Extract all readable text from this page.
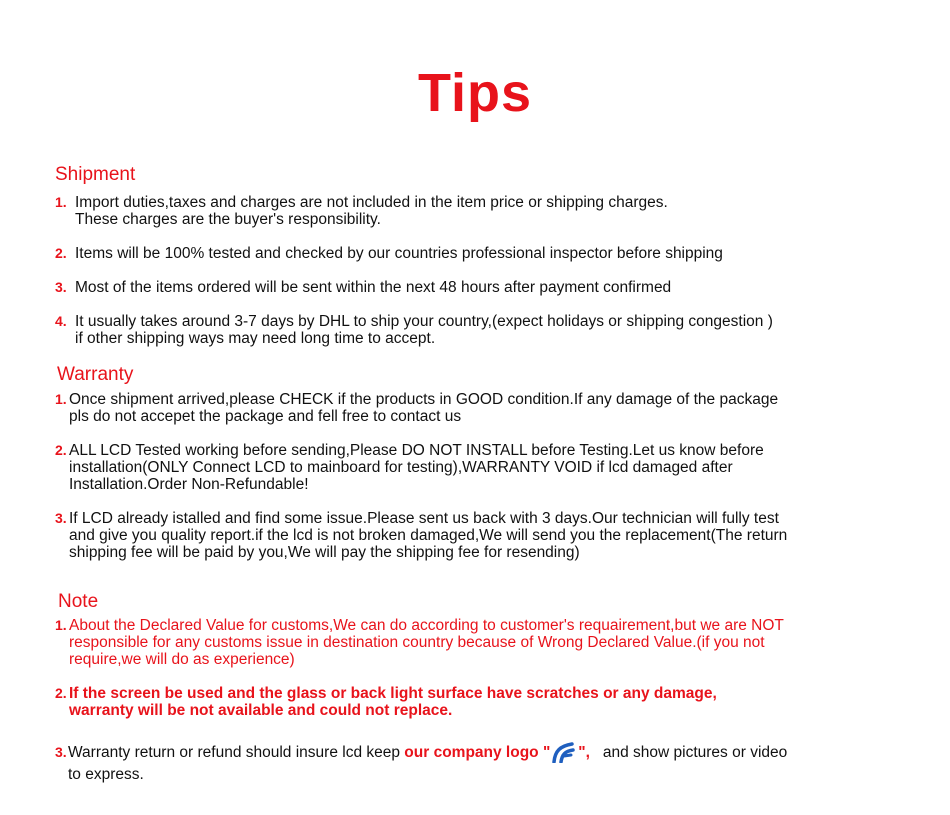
Tips
Shipment
1. Import duties,taxes and charges are not included in the item price or shipping charges.
These charges are the buyer's responsibility.
2. Items will be 100% tested and checked by our countries professional inspector before shipping
3. Most of the items ordered will be sent within the next 48 hours after payment confirmed
4. It usually takes around 3-7 days by DHL to ship your country,(expect holidays or shipping congestion )
if other shipping ways may need long time to accept.
Warranty
1. Once shipment arrived,please CHECK if the products in GOOD condition.If any damage of the package
pls do not accepet the package and fell free to contact us
2. ALL LCD Tested working before sending,Please DO NOT INSTALL before Testing.Let us know before
installation(ONLY Connect LCD to mainboard for testing),WARRANTY VOID if lcd damaged after
Installation.Order Non-Refundable!
3. If LCD already istalled and find some issue.Please sent us back with 3 days.Our technician will fully test
and give you quality report.if the lcd is not broken damaged,We will send you the replacement(The return
shipping fee will be paid by you,We will pay the shipping fee for resending)
Note
1. About the Declared Value for customs,We can do according to customer's requairement,but we are NOT
responsible for any customs issue in destination country because of Wrong Declared Value.(if you not
require,we will do as experience)
2. If the screen be used and the glass or back light surface have scratches or any damage,
warranty will be not available and could not replace.
3.Warranty return or refund should insure lcd keep our company logo " ",   and show pictures or video
to express.
